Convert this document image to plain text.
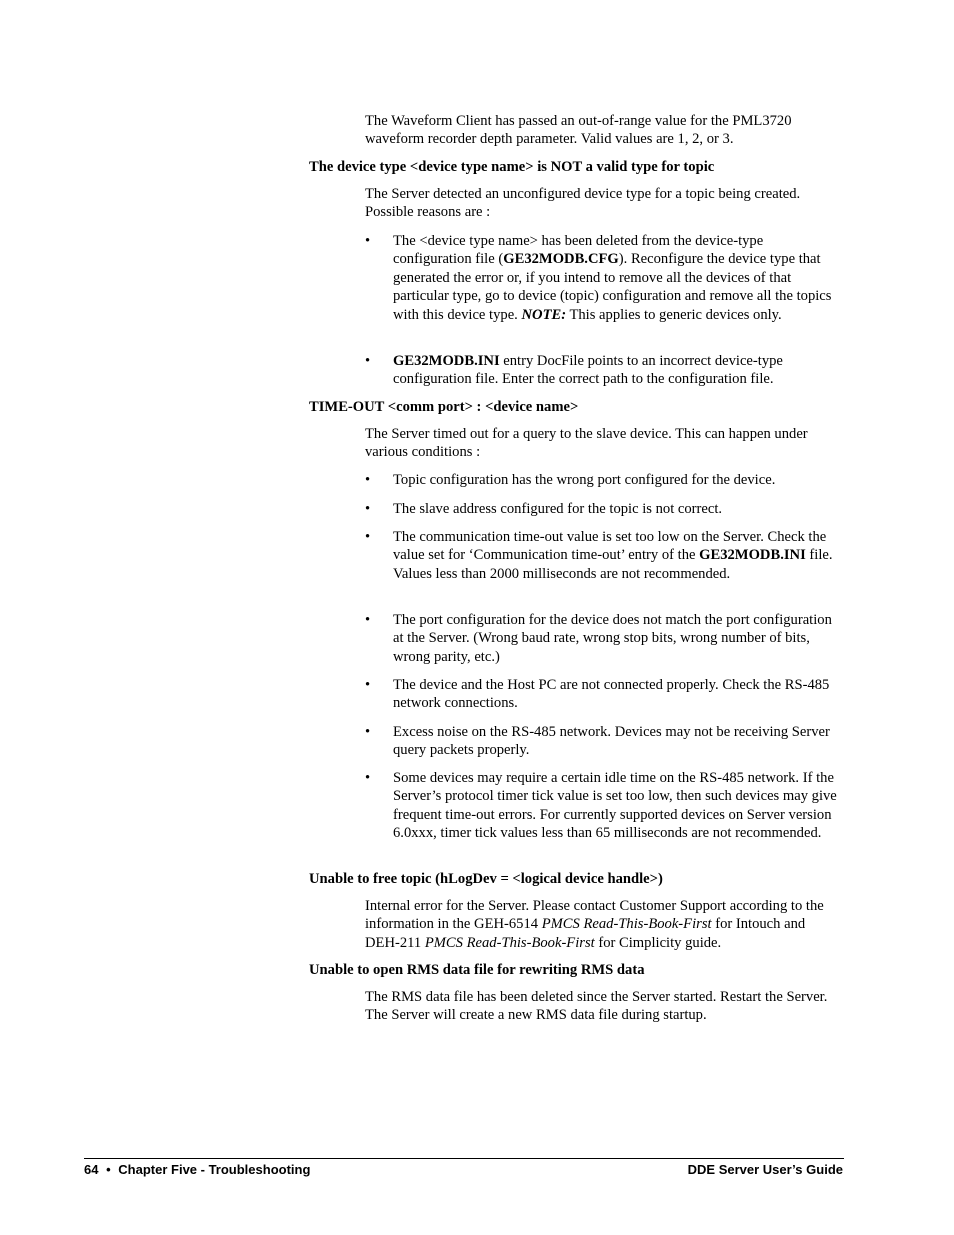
The Waveform Client has passed an out-of-range value for the PML3720
waveform recorder depth parameter. Valid values are 1, 2, or 3.
The device type <device type name> is NOT a valid type for topic
The Server detected an unconfigured device type for a topic being created. Possible reasons are :
•	The <device type name> has been deleted from the device-type configuration file (GE32MODB.CFG). Reconfigure the device type that generated the error or, if you intend to remove all the devices of that particular type, go to device (topic) configuration and remove all the topics with this device type. NOTE: This applies to generic devices only.
•	GE32MODB.INI entry DocFile points to an incorrect device-type configuration file. Enter the correct path to the configuration file.
TIME-OUT <comm port> : <device name>
The Server timed out for a query to the slave device. This can happen under various conditions :
•	Topic configuration has the wrong port configured for the device.
•	The slave address configured for the topic is not correct.
•	The communication time-out value is set too low on the Server. Check the value set for ‘Communication time-out’ entry of the GE32MODB.INI file. Values less than 2000 milliseconds are not recommended.
•	The port configuration for the device does not match the port configuration at the Server. (Wrong baud rate, wrong stop bits, wrong number of bits, wrong parity, etc.)
•	The device and the Host PC are not connected properly. Check the RS-485 network connections.
•	Excess noise on the RS-485 network. Devices may not be receiving Server query packets properly.
•	Some devices may require a certain idle time on the RS-485 network. If the Server’s protocol timer tick value is set too low, then such devices may give frequent time-out errors. For currently supported devices on Server version 6.0xxx, timer tick values less than 65 milliseconds are not recommended.
Unable to free topic (hLogDev = <logical device handle>)
Internal error for the Server. Please contact Customer Support according to the information in the GEH-6514 PMCS Read-This-Book-First for Intouch and DEH-211 PMCS Read-This-Book-First for Cimplicity guide.
Unable to open RMS data file for rewriting RMS data
The RMS data file has been deleted since the Server started. Restart the Server. The Server will create a new RMS data file during startup.
64 • Chapter Five - Troubleshooting	DDE Server User’s Guide
